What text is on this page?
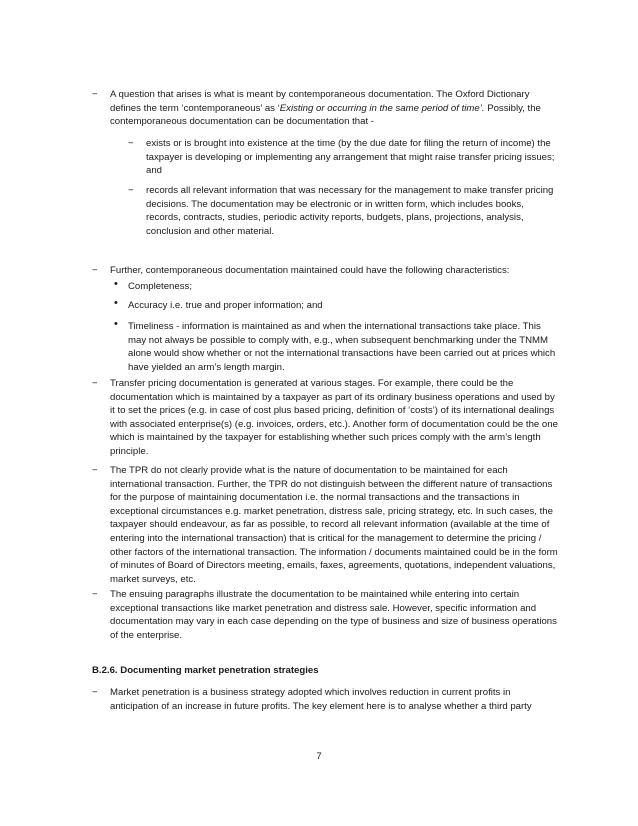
−	A question that arises is what is meant by contemporaneous documentation. The Oxford Dictionary defines the term ‘contemporaneous’ as ‘Existing or occurring in the same period of time’. Possibly, the contemporaneous documentation can be documentation that -

− exists or is brought into existence at the time (by the due date for filing the return of income) the taxpayer is developing or implementing any arrangement that might raise transfer pricing issues; and

− records all relevant information that was necessary for the management to make transfer pricing decisions. The documentation may be electronic or in written form, which includes books, records, contracts, studies, periodic activity reports, budgets, plans, projections, analysis, conclusion and other material.

−	Further, contemporaneous documentation maintained could have the following characteristics:

• Completeness;

• Accuracy i.e. true and proper information; and

• Timeliness - information is maintained as and when the international transactions take place. This may not always be possible to comply with, e.g., when subsequent benchmarking under the TNMM alone would show whether or not the international transactions have been carried out at prices which have yielded an arm’s length margin.

−	Transfer pricing documentation is generated at various stages. For example, there could be the documentation which is maintained by a taxpayer as part of its ordinary business operations and used by it to set the prices (e.g. in case of cost plus based pricing, definition of ‘costs’) of its international dealings with associated enterprise(s) (e.g. invoices, orders, etc.). Another form of documentation could be the one which is maintained by the taxpayer for establishing whether such prices comply with the arm’s length principle.

−	The TPR do not clearly provide what is the nature of documentation to be maintained for each international transaction. Further, the TPR do not distinguish between the different nature of transactions for the purpose of maintaining documentation i.e. the normal transactions and the transactions in exceptional circumstances e.g. market penetration, distress sale, pricing strategy, etc. In such cases, the taxpayer should endeavour, as far as possible, to record all relevant information (available at the time of entering into the international transaction) that is critical for the management to determine the pricing / other factors of the international transaction. The information / documents maintained could be in the form of minutes of Board of Directors meeting, emails, faxes, agreements, quotations, independent valuations, market surveys, etc.

−	The ensuing paragraphs illustrate the documentation to be maintained while entering into certain exceptional transactions like market penetration and distress sale. However, specific information and documentation may vary in each case depending on the type of business and size of business operations of the enterprise.

B.2.6. Documenting market penetration strategies

−	Market penetration is a business strategy adopted which involves reduction in current profits in anticipation of an increase in future profits. The key element here is to analyse whether a third party

7
